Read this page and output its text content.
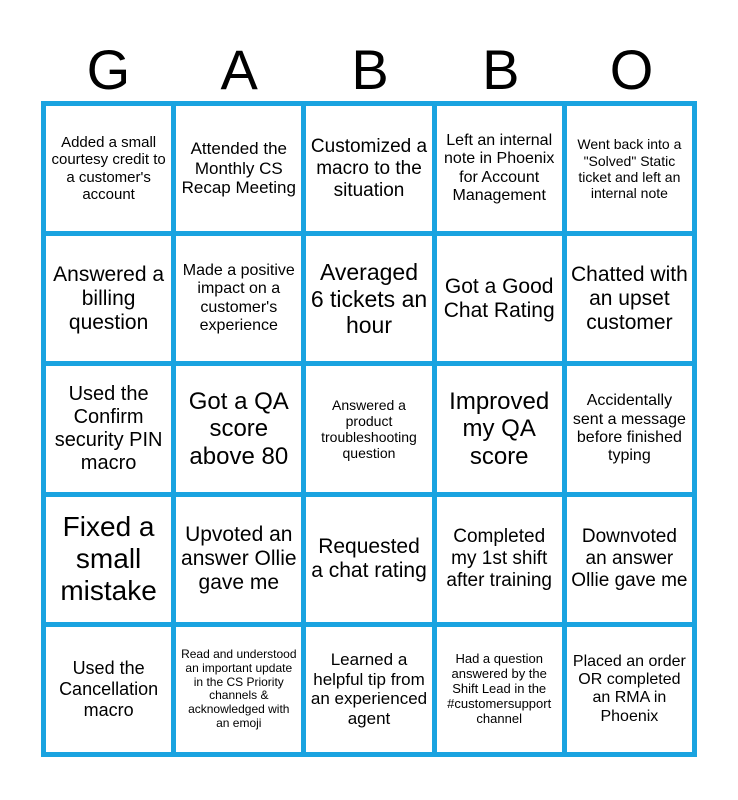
G	A	B	B	O
Added a small courtesy credit to a customer's account
Attended the Monthly CS Recap Meeting
Customized a macro to the situation
Left an internal note in Phoenix for Account Management
Went back into a "Solved" Static ticket and left an internal note
Answered a billing question
Made a positive impact on a customer's experience
Averaged 6 tickets an hour
Got a Good Chat Rating
Chatted with an upset customer
Used the Confirm security PIN macro
Got a QA score above 80
Answered a product troubleshooting question
Improved my QA score
Accidentally sent a message before finished typing
Fixed a small mistake
Upvoted an answer Ollie gave me
Requested a chat rating
Completed my 1st shift after training
Downvoted an answer Ollie gave me
Used the Cancellation macro
Read and understood an important update in the CS Priority channels & acknowledged with an emoji
Learned a helpful tip from an experienced agent
Had a question answered by the Shift Lead in the #customersupport channel
Placed an order OR completed an RMA in Phoenix
